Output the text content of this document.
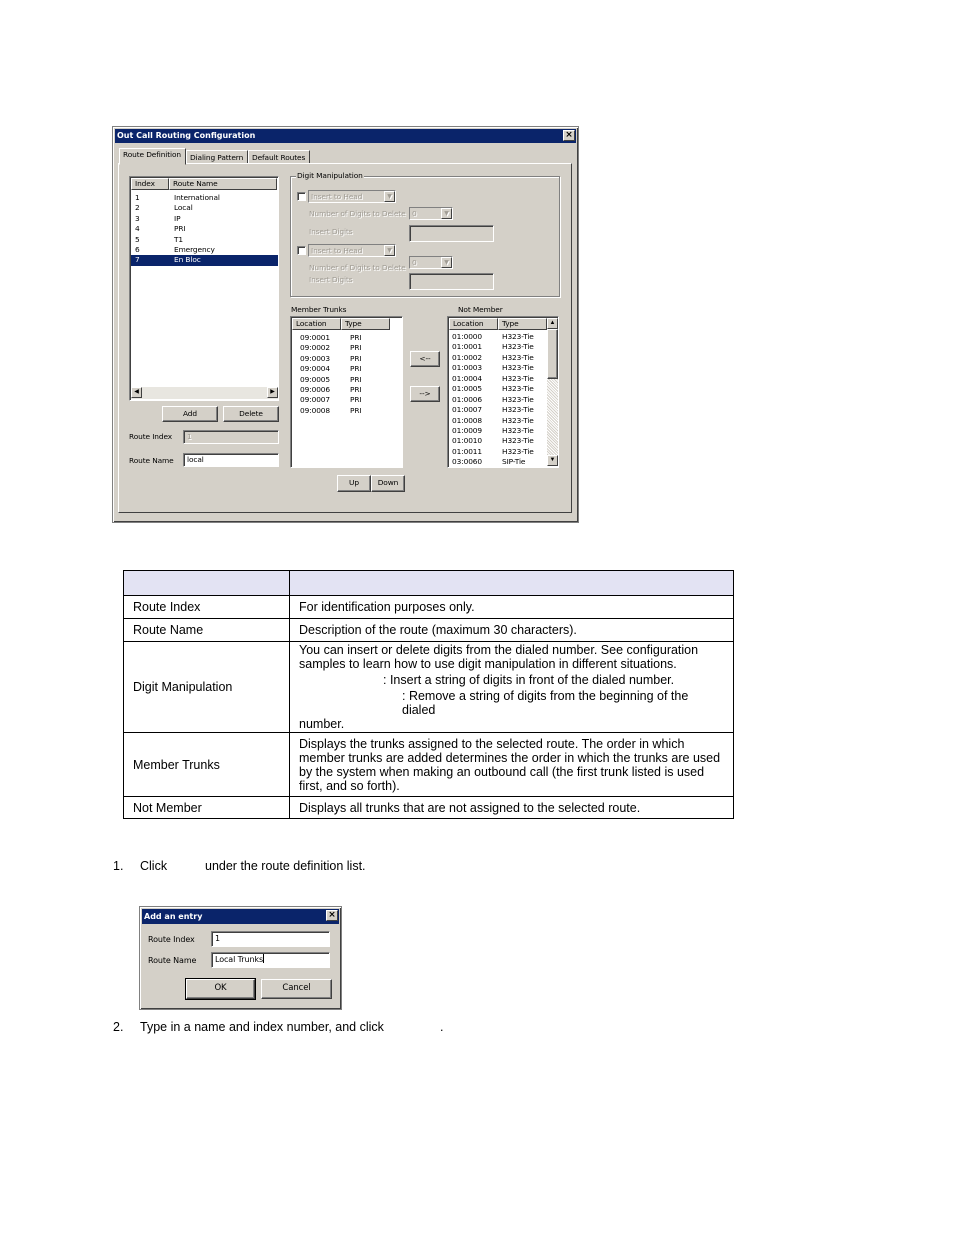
Out Call Routing Configuration	×
Route Definition	Dialing Pattern	Default Routes
Index	Route Name
1	International
2	Local
3	IP
4	PRI
5	T1
6	Emergency
7	En Bloc
◀	▶
Add	Delete
Route Index	1
Route Name	local
Digit Manipulation
Insert to Head	▼
Number of Digits to Delete 0	▼
Insert Digits
Insert to Head	▼
Number of Digits to Delete
0	▼
Insert Digits
Member Trunks
Location	Type
09:0001	PRI
09:0002	PRI
09:0003	PRI
09:0004	PRI
09:0005	PRI
09:0006	PRI
09:0007	PRI
09:0008	PRI
<--
-->
Not Member
Location	Type
01:0000	H323-Tie
01:0001	H323-Tie
01:0002	H323-Tie
01:0003	H323-Tie
01:0004	H323-Tie
01:0005	H323-Tie
01:0006	H323-Tie
01:0007	H323-Tie
01:0008	H323-Tie
01:0009	H323-Tie
01:0010	H323-Tie
01:0011	H323-Tie
03:0060	SIP-Tie
▲
▼
Up	Down

Route Index	For identification purposes only.
Route Name	Description of the route (maximum 30 characters).
Digit Manipulation	You can insert or delete digits from the dialed number. See configuration samples to learn how to use digit manipulation in different situations.
: Insert a string of digits in front of the dialed number.
: Remove a string of digits from the beginning of the dialed
number.

Member Trunks	Displays the trunks assigned to the selected route. The order in which member trunks are added determines the order in which the trunks are used by the system when making an outbound call (the first trunk listed is used first, and so forth).
Not Member	Displays all trunks that are not assigned to the selected route.
1. Click	under the route definition list.
Add an entry	×
Route Index	1
Route Name	Local Trunks
OK	Cancel
2. Type in a name and index number, and click	.
